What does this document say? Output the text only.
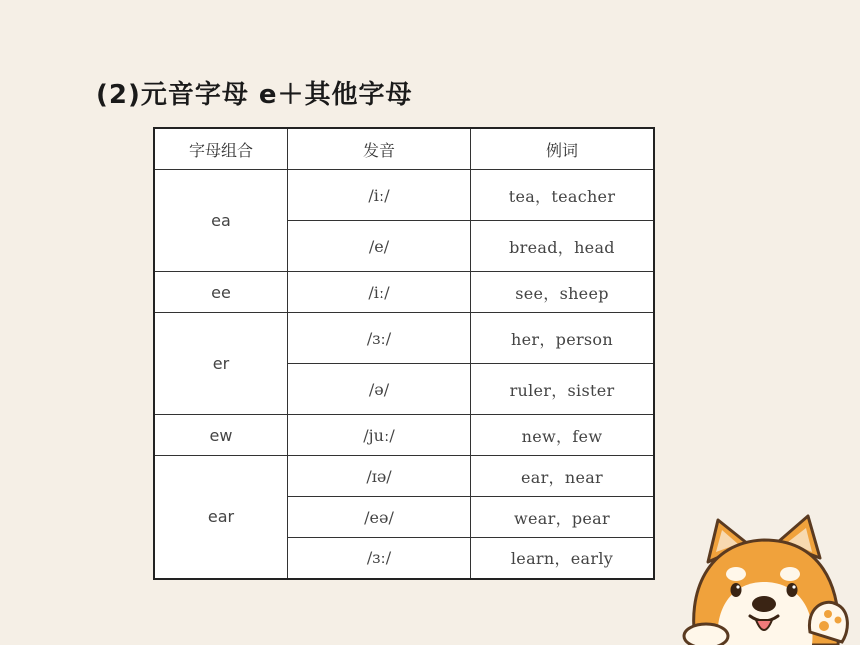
(2)元音字母 e＋其他字母
字母组合	发音	例词
ea	/iː/	tea，teacher
	/e/	bread，head
ee	/iː/	see，sheep
er	/ɜː/	her，person
	/ə/	ruler，sister
ew	/juː/	new，few
ear	/ɪə/	ear，near
	/eə/	wear，pear
	/ɜː/	learn，early
